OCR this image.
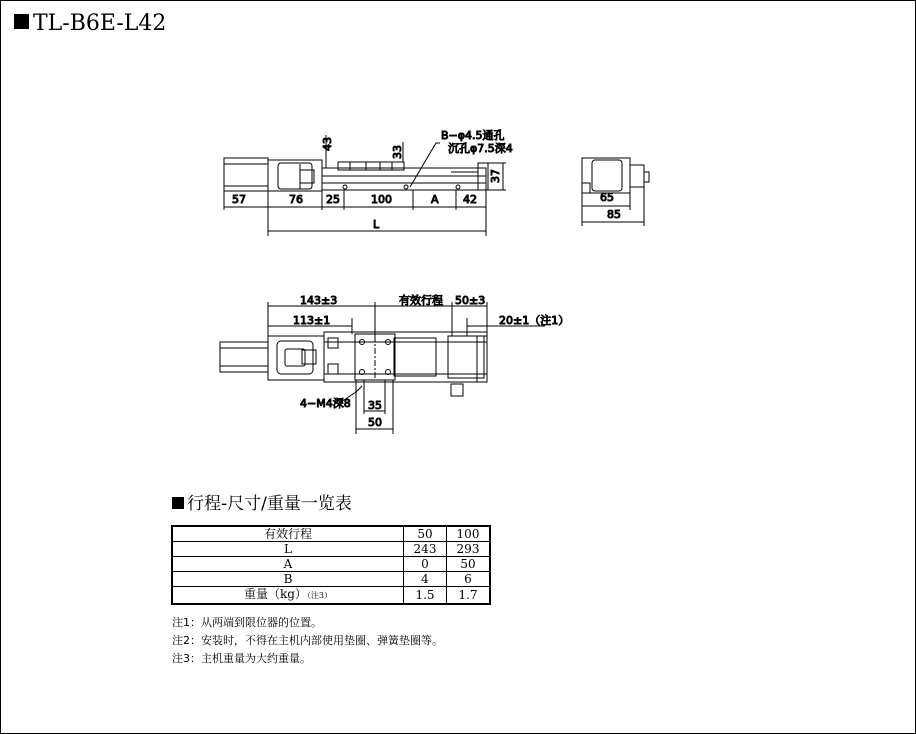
TL-B6E-L42
57	76 25	100	A 42
L
43
33
37
B−φ4.5通孔
沉孔φ7.5深4
65
85
143±3
113±1
有效行程 50±3
20±1（注1）
4−M4深8 35
50
行程-尺寸/重量一览表
有效行程	50	100
L	243	293
A	0	50
B	4	6
重量（kg）（注3）	1.5	1.7
注1：从两端到限位器的位置。
注2：安装时，不得在主机内部使用垫圈、弹簧垫圈等。
注3：主机重量为大约重量。
